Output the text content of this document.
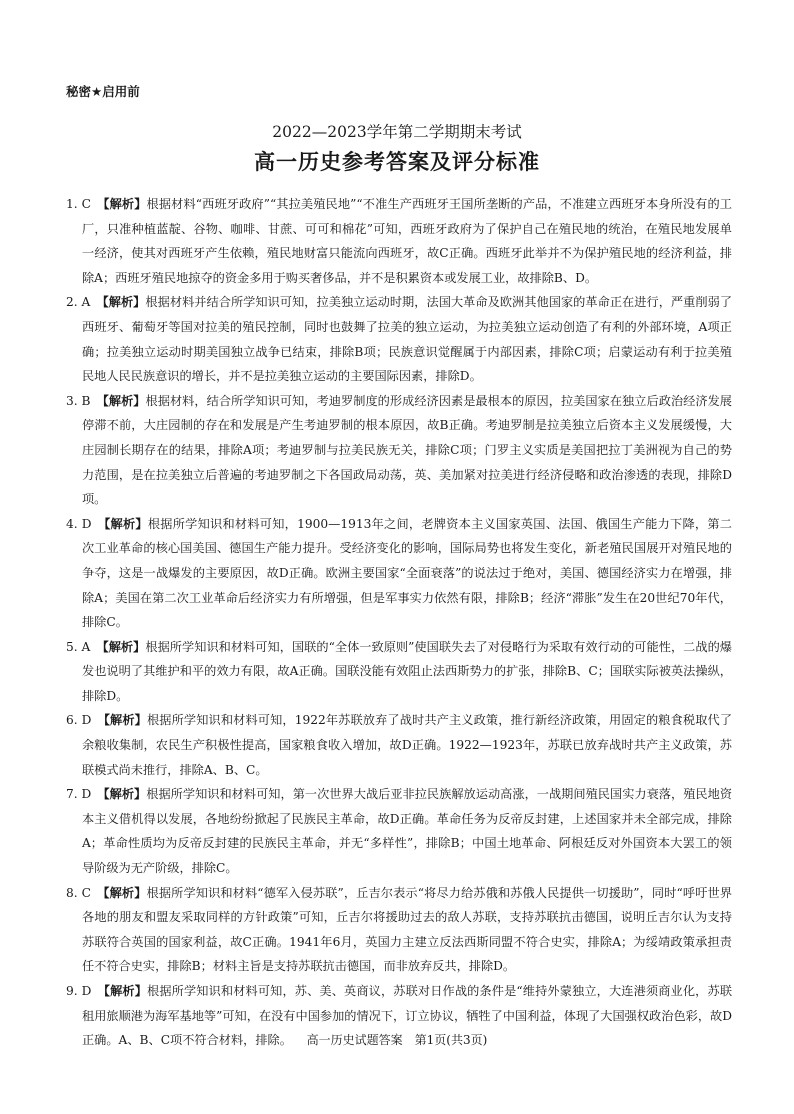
秘密★启用前
2022—2023学年第二学期期末考试
高一历史参考答案及评分标准

1. C　 【解析】根据材料“西班牙政府”“其拉美殖民地”“不准生产西班牙王国所垄断的产品，不准建立西班牙本身所没有的工厂，只准种植蓝靛、谷物、咖啡、甘蔗、可可和棉花”可知，西班牙政府为了保护自己在殖民地的统治，在殖民地发展单一经济，使其对西班牙产生依赖，殖民地财富只能流向西班牙，故C正确。西班牙此举并不为保护殖民地的经济利益，排除A；西班牙殖民地掠夺的资金多用于购买奢侈品，并不是积累资本或发展工业，故排除B、D。

2. A　 【解析】根据材料并结合所学知识可知，拉美独立运动时期，法国大革命及欧洲其他国家的革命正在进行，严重削弱了西班牙、葡萄牙等国对拉美的殖民控制，同时也鼓舞了拉美的独立运动，为拉美独立运动创造了有利的外部环境，A项正确；拉美独立运动时期美国独立战争已结束，排除B项；民族意识觉醒属于内部因素，排除C项；启蒙运动有利于拉美殖民地人民民族意识的增长，并不是拉美独立运动的主要国际因素，排除D。

3. B　 【解析】根据材料，结合所学知识可知，考迪罗制度的形成经济因素是最根本的原因，拉美国家在独立后政治经济发展停滞不前，大庄园制的存在和发展是产生考迪罗制的根本原因，故B正确。考迪罗制是拉美独立后资本主义发展缓慢，大庄园制长期存在的结果，排除A项；考迪罗制与拉美民族无关，排除C项；门罗主义实质是美国把拉丁美洲视为自己的势力范围，是在拉美独立后普遍的考迪罗制之下各国政局动荡，英、美加紧对拉美进行经济侵略和政治渗透的表现，排除D项。

4. D　 【解析】根据所学知识和材料可知，1900—1913年之间，老牌资本主义国家英国、法国、俄国生产能力下降，第二次工业革命的核心国美国、德国生产能力提升。受经济变化的影响，国际局势也将发生变化，新老殖民国展开对殖民地的争夺，这是一战爆发的主要原因，故D正确。欧洲主要国家“全面衰落”的说法过于绝对，美国、德国经济实力在增强，排除A；美国在第二次工业革命后经济实力有所增强，但是军事实力依然有限，排除B；经济“滞胀”发生在20世纪70年代，排除C。

5. A　 【解析】根据所学知识和材料可知，国联的“全体一致原则”使国联失去了对侵略行为采取有效行动的可能性，二战的爆发也说明了其维护和平的效力有限，故A正确。国联没能有效阻止法西斯势力的扩张，排除B、C；国联实际被英法操纵，排除D。

6. D　 【解析】根据所学知识和材料可知，1922年苏联放弃了战时共产主义政策，推行新经济政策，用固定的粮食税取代了余粮收集制，农民生产积极性提高，国家粮食收入增加，故D正确。1922—1923年，苏联已放弃战时共产主义政策，苏联模式尚未推行，排除A、B、C。

7. D　 【解析】根据所学知识和材料可知，第一次世界大战后亚非拉民族解放运动高涨，一战期间殖民国实力衰落，殖民地资本主义借机得以发展，各地纷纷掀起了民族民主革命，故D正确。革命任务为反帝反封建，上述国家并未全部完成，排除A；革命性质均为反帝反封建的民族民主革命，并无“多样性”，排除B；中国土地革命、阿根廷反对外国资本大罢工的领导阶级为无产阶级，排除C。

8. C　 【解析】根据所学知识和材料“德军入侵苏联”，丘吉尔表示“将尽力给苏俄和苏俄人民提供一切援助”，同时“呼吁世界各地的朋友和盟友采取同样的方针政策”可知，丘吉尔将援助过去的敌人苏联，支持苏联抗击德国，说明丘吉尔认为支持苏联符合英国的国家利益，故C正确。1941年6月，英国力主建立反法西斯同盟不符合史实，排除A；为绥靖政策承担责任不符合史实，排除B；材料主旨是支持苏联抗击德国，而非放弃反共，排除D。

9. D　 【解析】根据所学知识和材料可知，苏、美、英商议，苏联对日作战的条件是“维持外蒙独立，大连港须商业化，苏联租用旅顺港为海军基地等”可知，在没有中国参加的情况下，订立协议，牺牲了中国利益，体现了大国强权政治色彩，故D正确。A、B、C项不符合材料，排除。	高一历史试题答案　第1页(共3页)
